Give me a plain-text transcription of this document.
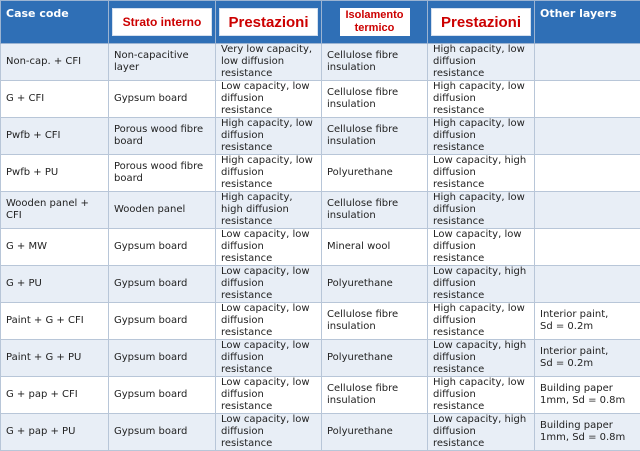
Case code	Strato interno	Prestazioni	Isolamento termico	Prestazioni	Other layers
Non-cap. + CFI	Non-capacitive layer	Very low capacity, low diffusion resistance	Cellulose fibre insulation	High capacity, low diffusion resistance	
G + CFI	Gypsum board	Low capacity, low diffusion resistance	Cellulose fibre insulation	High capacity, low diffusion resistance	
Pwfb + CFI	Porous wood fibre board	High capacity, low diffusion resistance	Cellulose fibre insulation	High capacity, low diffusion resistance	
Pwfb + PU	Porous wood fibre board	High capacity, low diffusion resistance	Polyurethane	Low capacity, high diffusion resistance	
Wooden panel + CFI	Wooden panel	High capacity, high diffusion resistance	Cellulose fibre insulation	High capacity, low diffusion resistance	
G + MW	Gypsum board	Low capacity, low diffusion resistance	Mineral wool	Low capacity, low diffusion resistance	
G + PU	Gypsum board	Low capacity, low diffusion resistance	Polyurethane	Low capacity, high diffusion resistance	
Paint + G + CFI	Gypsum board	Low capacity, low diffusion resistance	Cellulose fibre insulation	High capacity, low diffusion resistance	Interior paint,
Sd = 0.2m

Paint + G + PU	Gypsum board	Low capacity, low diffusion resistance	Polyurethane	Low capacity, high diffusion resistance	Interior paint,
Sd = 0.2m

G + pap + CFI	Gypsum board	Low capacity, low diffusion resistance	Cellulose fibre insulation	High capacity, low diffusion resistance	Building paper
1mm, Sd = 0.8m

G + pap + PU	Gypsum board	Low capacity, low diffusion resistance	Polyurethane	Low capacity, high diffusion resistance	Building paper
1mm, Sd = 0.8m
